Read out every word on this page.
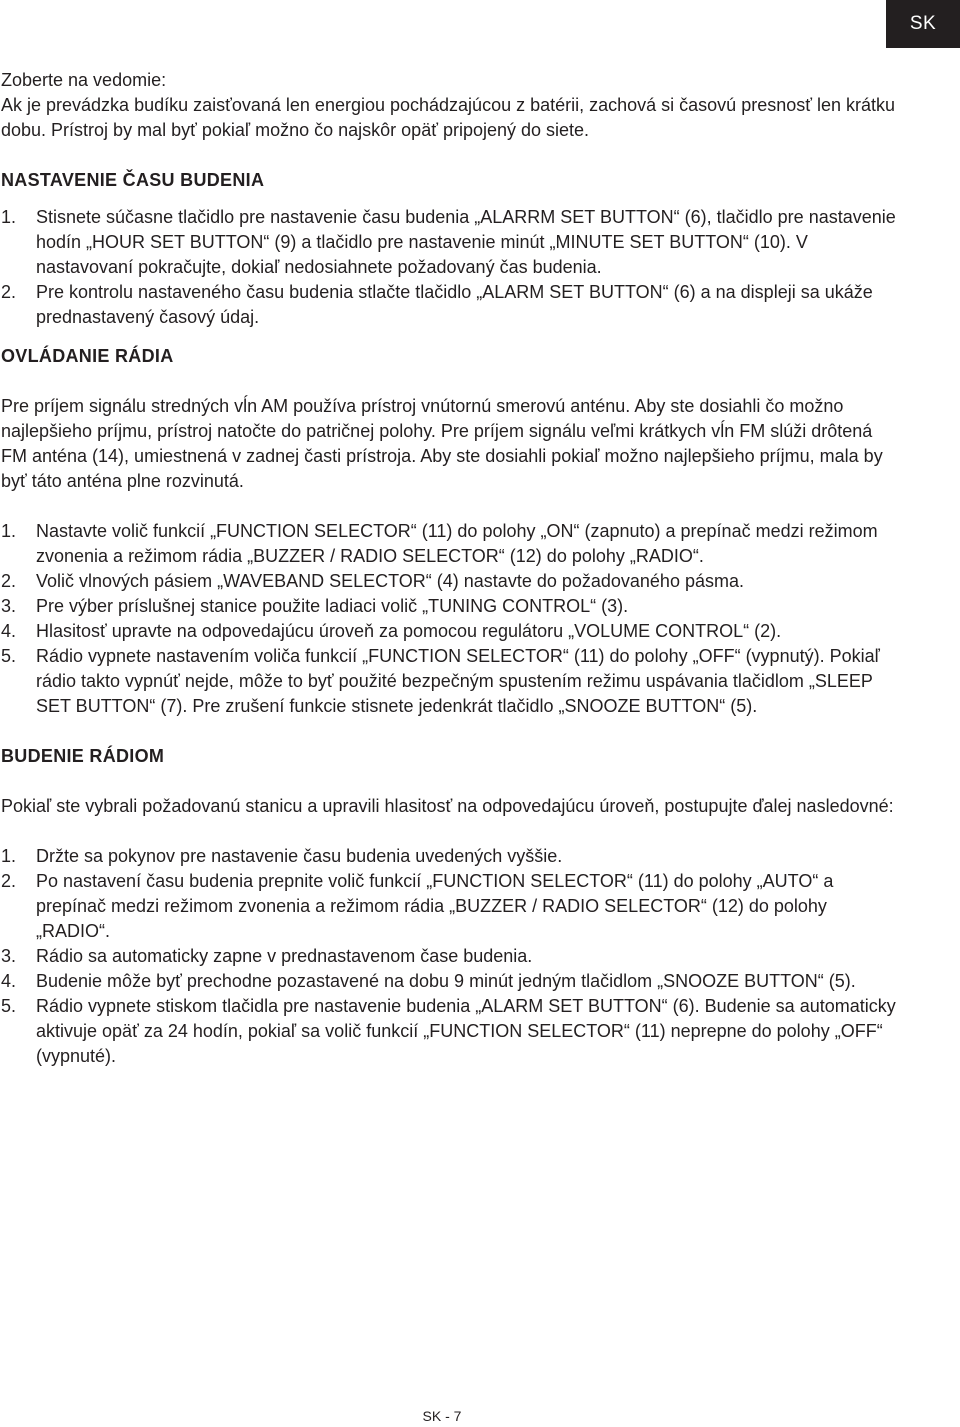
SK

Zoberte na vedomie:

Ak je prevádzka budíku zaisťovaná len energiou pochádzajúcou z batérii, zachová si časovú presnosť len krátku dobu. Prístroj by mal byť pokiaľ možno čo najskôr opäť pripojený do siete.

NASTAVENIE ČASU BUDENIA

1.	Stisnete súčasne tlačidlo pre nastavenie času budenia „ALARRM SET BUTTON“ (6), tlačidlo pre nastavenie hodín „HOUR SET BUTTON“ (9) a tlačidlo pre nastavenie minút „MINUTE SET BUTTON“ (10). V nastavovaní pokračujte, dokiaľ nedosiahnete požadovaný čas budenia.
2.	Pre kontrolu nastaveného času budenia stlačte tlačidlo „ALARM SET BUTTON“ (6) a na displeji sa ukáže prednastavený časový údaj.

OVLÁDANIE RÁDIA

Pre príjem signálu stredných vĺn AM používa prístroj vnútornú smerovú anténu. Aby ste dosiahli čo možno najlepšieho príjmu, prístroj natočte do patričnej polohy. Pre príjem signálu veľmi krátkych vĺn FM slúži drôtená FM anténa (14), umiestnená v zadnej časti prístroja. Aby ste dosiahli pokiaľ možno najlepšieho príjmu, mala by byť táto anténa plne rozvinutá.

1.	Nastavte volič funkcií „FUNCTION SELECTOR“ (11) do polohy „ON“ (zapnuto) a prepínač medzi režimom zvonenia a režimom rádia „BUZZER / RADIO SELECTOR“ (12) do polohy „RADIO“.
2.	Volič vlnových pásiem „WAVEBAND SELECTOR“ (4) nastavte do požadovaného pásma.
3.	Pre výber príslušnej stanice použite ladiaci volič „TUNING CONTROL“ (3).
4.	Hlasitosť upravte na odpovedajúcu úroveň za pomocou regulátoru „VOLUME CONTROL“ (2).
5.	Rádio vypnete nastavením voliča funkcií „FUNCTION SELECTOR“ (11) do polohy „OFF“ (vypnutý). Pokiaľ rádio takto vypnúť nejde, môže to byť použité bezpečným spustením režimu uspávania tlačidlom „SLEEP SET BUTTON“ (7). Pre zrušení funkcie stisnete jedenkrát tlačidlo „SNOOZE BUTTON“ (5).

BUDENIE RÁDIOM

Pokiaľ ste vybrali požadovanú stanicu a upravili hlasitosť na odpovedajúcu úroveň, postupujte ďalej nasledovné:

1.	Držte sa pokynov pre nastavenie času budenia uvedených vyššie.
2.	Po nastavení času budenia prepnite volič funkcií „FUNCTION SELECTOR“ (11) do polohy „AUTO“ a prepínač medzi režimom zvonenia a režimom rádia „BUZZER / RADIO SELECTOR“ (12) do polohy „RADIO“.
3.	Rádio sa automaticky zapne v prednastavenom čase budenia.
4.	Budenie môže byť prechodne pozastavené na dobu 9 minút jedným tlačidlom „SNOOZE BUTTON“ (5).
5.	Rádio vypnete stiskom tlačidla pre nastavenie budenia „ALARM SET BUTTON“ (6). Budenie sa automaticky aktivuje opäť za 24 hodín, pokiaľ sa volič funkcií „FUNCTION SELECTOR“ (11) neprepne do polohy „OFF“ (vypnuté).
SK - 7
